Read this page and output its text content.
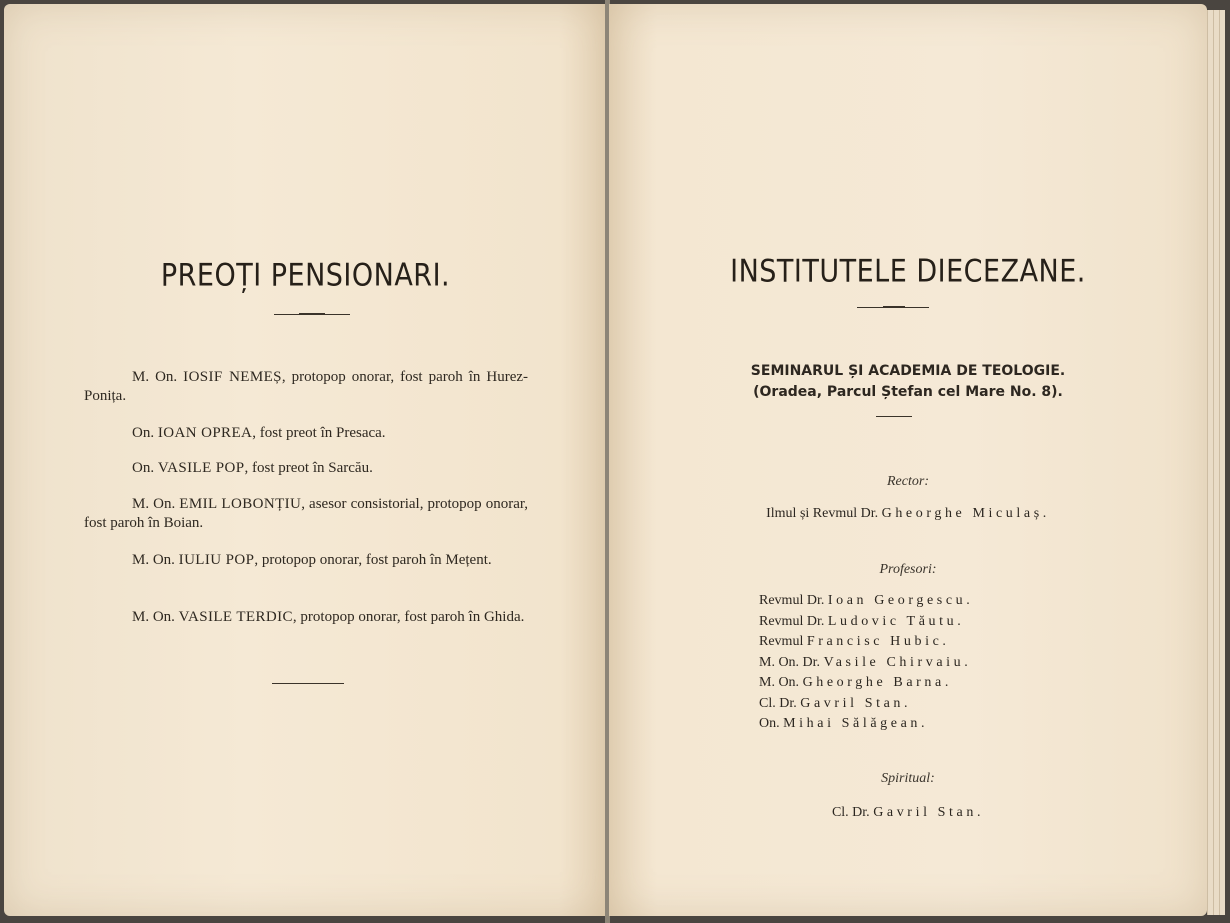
PREOȚI PENSIONARI.
M. On. IOSIF NEMEȘ, protopop onorar, fost paroh în Hurez-Ponița.
On. IOAN OPREA, fost preot în Presaca.
On. VASILE POP, fost preot în Sarcău.
M. On. EMIL LOBONȚIU, asesor consistorial, protopop onorar, fost paroh în Boian.
M. On. IULIU POP, protopop onorar, fost paroh în Mețent.
M. On. VASILE TERDIC, protopop onorar, fost paroh în Ghida.
INSTITUTELE DIECEZANE.
SEMINARUL ȘI ACADEMIA DE TEOLOGIE.
(Oradea, Parcul Ștefan cel Mare No. 8).
Rector:
Ilmul și Revmul Dr. Gheorghe Miculaș.
Profesori:
Revmul Dr. Ioan Georgescu.
Revmul Dr. Ludovic Tăutu.
Revmul Francisc Hubic.
M. On. Dr. Vasile Chirvaiu.
M. On. Gheorghe Barna.
Cl. Dr. Gavril Stan.
On. Mihai Sălăgean.
Spiritual:
Cl. Dr. Gavril Stan.
